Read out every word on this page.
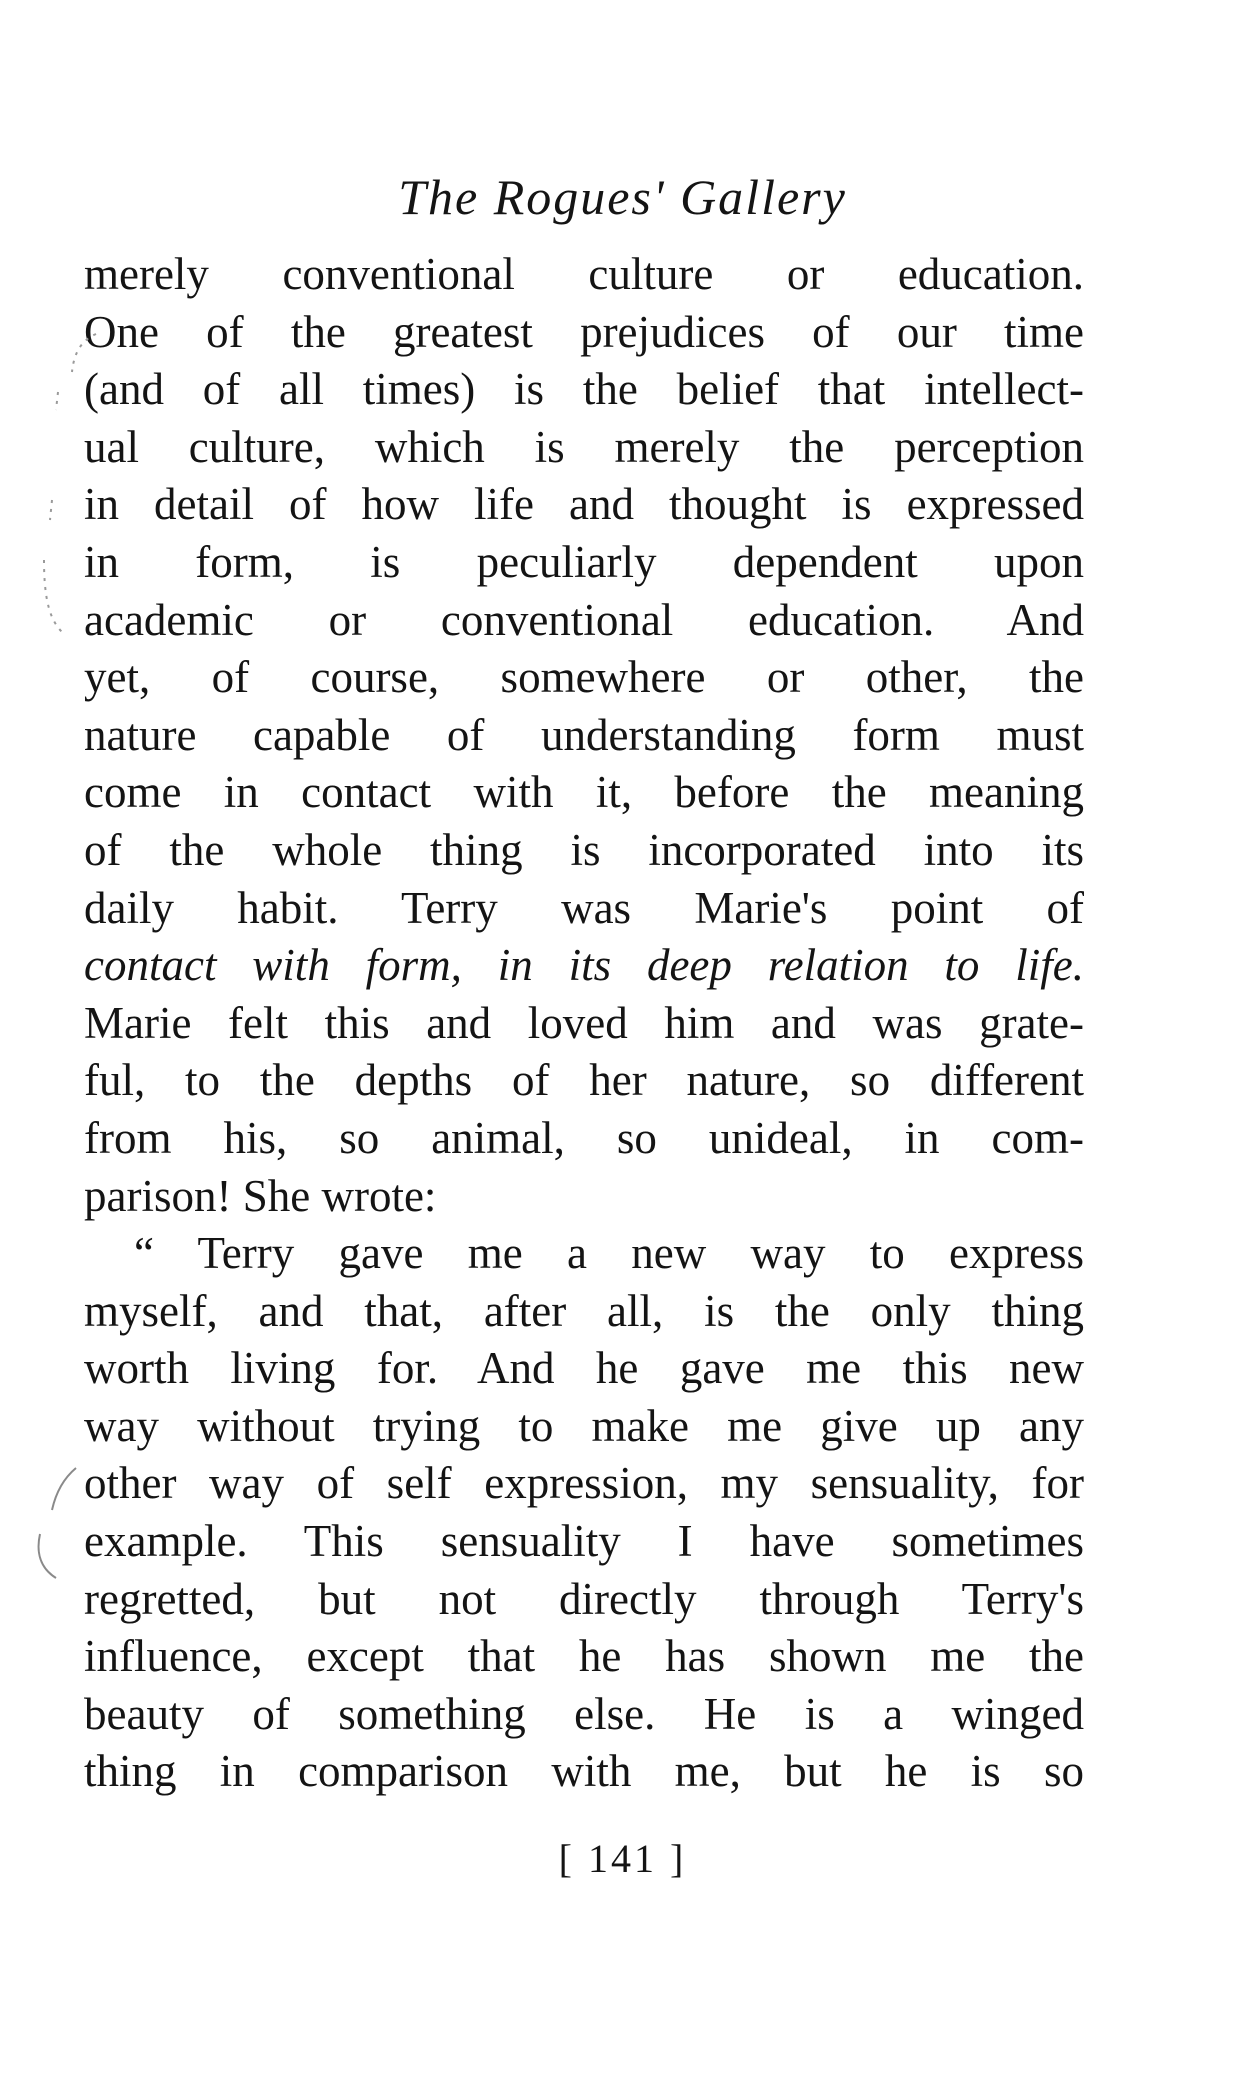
The Rogues' Gallery
merely conventional culture or education.
One of the greatest prejudices of our time
(and of all times) is the belief that intellect-
ual culture, which is merely the perception
in detail of how life and thought is expressed
in form, is peculiarly dependent upon
academic or conventional education. And
yet, of course, somewhere or other, the
nature capable of understanding form must
come in contact with it, before the meaning
of the whole thing is incorporated into its
daily habit. Terry was Marie's point of
contact with form, in its deep relation to life.
Marie felt this and loved him and was grate-
ful, to the depths of her nature, so different
from his, so animal, so unideal, in com-
parison! She wrote:
“ Terry gave me a new way to express
myself, and that, after all, is the only thing
worth living for. And he gave me this new
way without trying to make me give up any
other way of self expression, my sensuality, for
example. This sensuality I have sometimes
regretted, but not directly through Terry's
influence, except that he has shown me the
beauty of something else. He is a winged
thing in comparison with me, but he is so
[ 141 ]
